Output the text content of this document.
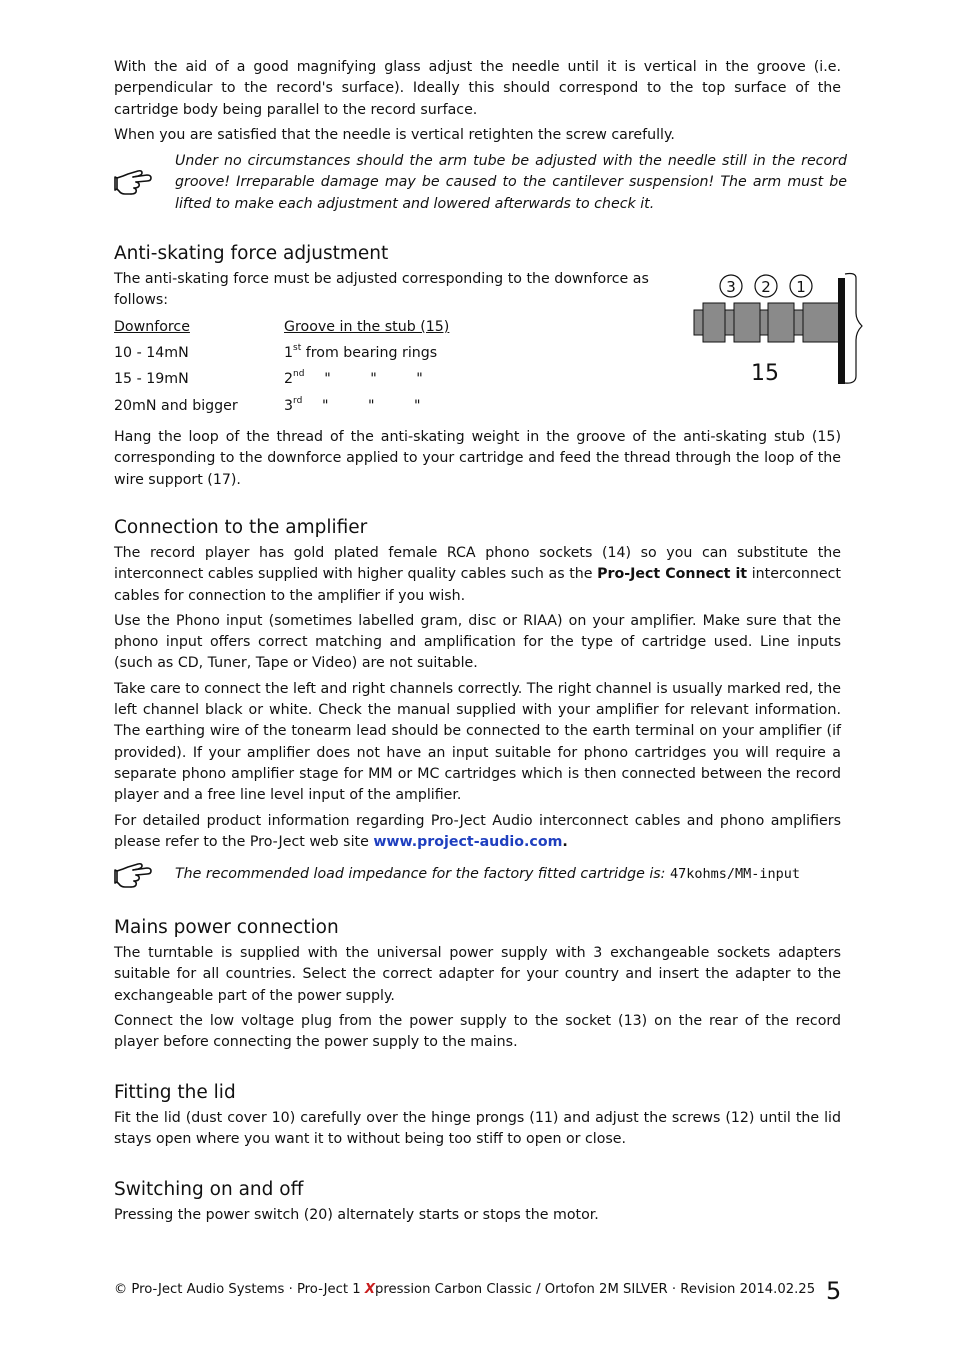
With the aid of a good magnifying glass adjust the needle until it is vertical in the groove (i.e. perpendicular to the record's surface). Ideally this should correspond to the top surface of the cartridge body being parallel to the record surface.

When you are satisfied that the needle is vertical retighten the screw carefully.

Under no circumstances should the arm tube be adjusted with the needle still in the record groove! Irreparable damage may be caused to the cantilever suspension! The arm must be lifted to make each adjustment and lowered afterwards to check it.
Anti-skating force adjustment

The anti-skating force must be adjusted corresponding to the downforce as follows:

Downforce	Groove in the stub (15)
10 - 14mN	1st from bearing rings
15 - 19mN	2nd "	"	"
20mN and bigger	3rd "	"	"
3 2 1
15

Hang the loop of the thread of the anti-skating weight in the groove of the anti-skating stub (15) corresponding to the downforce applied to your cartridge and feed the thread through the loop of the wire support (17).

Connection to the amplifier

The record player has gold plated female RCA phono sockets (14) so you can substitute the interconnect cables supplied with higher quality cables such as the Pro-Ject Connect it interconnect cables for connection to the amplifier if you wish.

Use the Phono input (sometimes labelled gram, disc or RIAA) on your amplifier. Make sure that the phono input offers correct matching and amplification for the type of cartridge used. Line inputs (such as CD, Tuner, Tape or Video) are not suitable.

Take care to connect the left and right channels correctly. The right channel is usually marked red, the left channel black or white. Check the manual supplied with your amplifier for relevant information. The earthing wire of the tonearm lead should be connected to the earth terminal on your amplifier (if provided). If your amplifier does not have an input suitable for phono cartridges you will require a separate phono amplifier stage for MM or MC cartridges which is then connected between the record player and a free line level input of the amplifier.

For detailed product information regarding Pro-Ject Audio interconnect cables and phono amplifiers please refer to the Pro-Ject web site www.project-audio.com.

The recommended load impedance for the factory fitted cartridge is: 47kohms/MM-input
Mains power connection

The turntable is supplied with the universal power supply with 3 exchangeable sockets adapters suitable for all countries. Select the correct adapter for your country and insert the adapter to the exchangeable part of the power supply.

Connect the low voltage plug from the power supply to the socket (13) on the rear of the record player before connecting the power supply to the mains.

Fitting the lid

Fit the lid (dust cover 10) carefully over the hinge prongs (11) and adjust the screws (12) until the lid stays open where you want it to without being too stiff to open or close.

Switching on and off

Pressing the power switch (20) alternately starts or stops the motor.

© Pro-Ject Audio Systems · Pro-Ject 1 Xpression Carbon Classic / Ortofon 2M SILVER · Revision 2014.02.25 5
